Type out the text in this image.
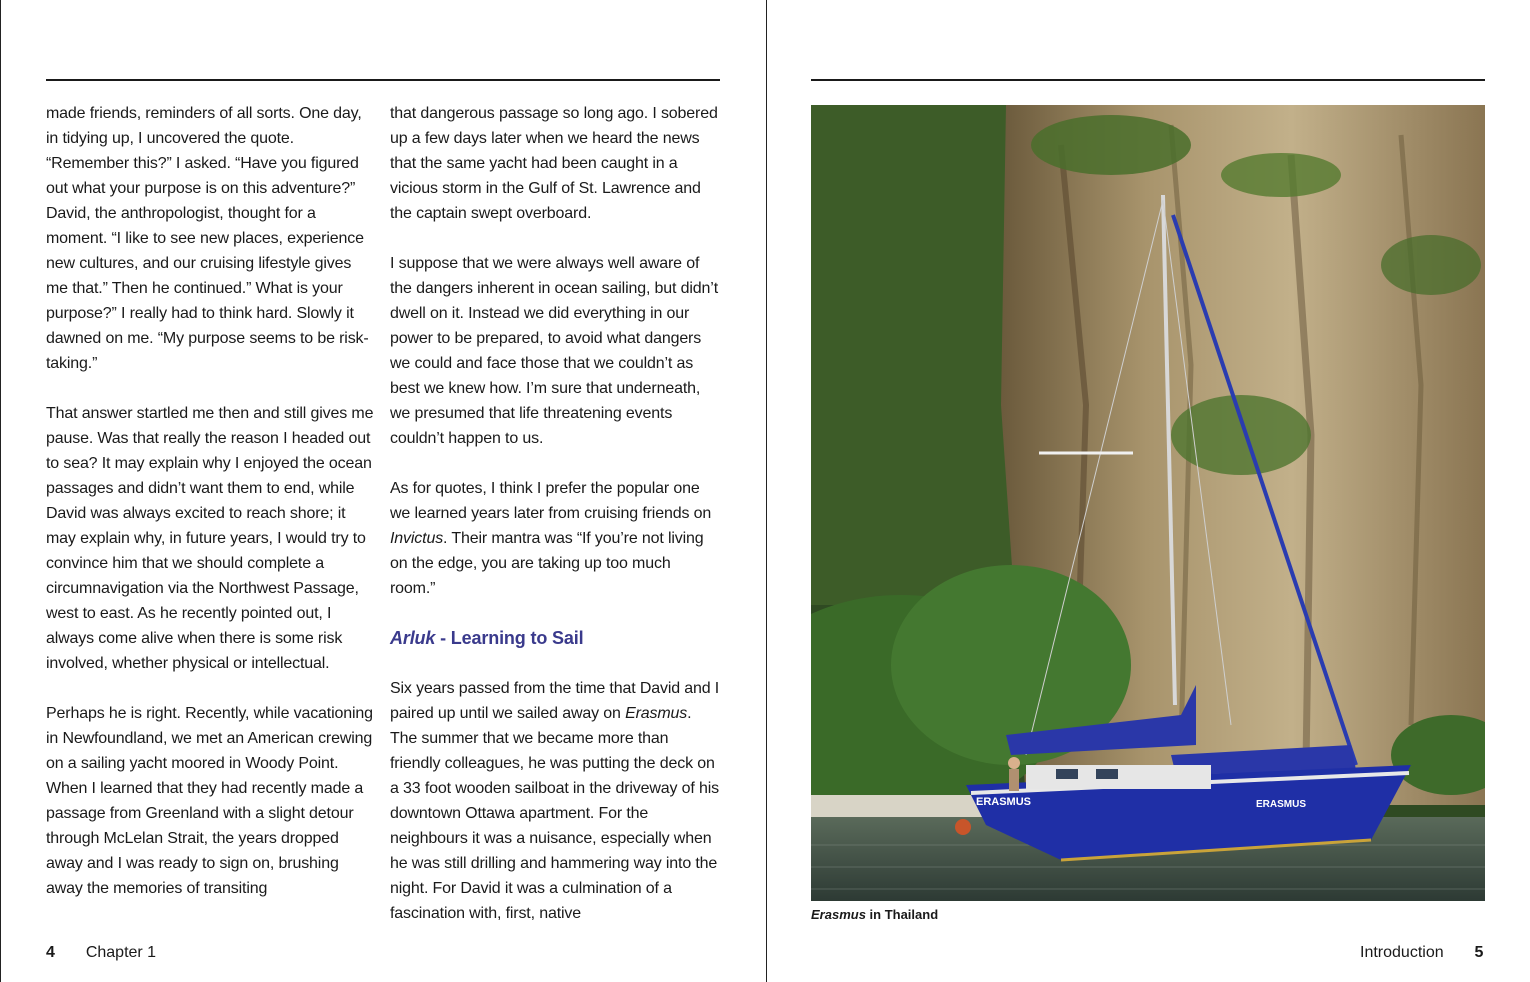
made friends, reminders of all sorts. One day, in tidying up, I uncovered the quote. “Remember this?” I asked. “Have you figured out what your purpose is on this adventure?” David, the anthropologist, thought for a moment. “I like to see new places, experience new cultures, and our cruising lifestyle gives me that.” Then he continued.” What is your purpose?” I really had to think hard. Slowly it dawned on me. “My purpose seems to be risk-taking.”

That answer startled me then and still gives me pause. Was that really the reason I headed out to sea? It may explain why I enjoyed the ocean passages and didn’t want them to end, while David was always excited to reach shore; it may explain why, in future years, I would try to convince him that we should complete a circumnavigation via the Northwest Passage, west to east. As he recently pointed out, I always come alive when there is some risk involved, whether physical or intellectual.

Perhaps he is right. Recently, while vacationing in Newfoundland, we met an American crewing on a sailing yacht moored in Woody Point. When I learned that they had recently made a passage from Greenland with a slight detour through McLelan Strait, the years dropped away and I was ready to sign on, brushing away the memories of transiting

that dangerous passage so long ago. I sobered up a few days later when we heard the news that the same yacht had been caught in a vicious storm in the Gulf of St. Lawrence and the captain swept overboard.

I suppose that we were always well aware of the dangers inherent in ocean sailing, but didn’t dwell on it. Instead we did everything in our power to be prepared, to avoid what dangers we could and face those that we couldn’t as best we knew how. I’m sure that underneath, we presumed that life threatening events couldn’t happen to us.

As for quotes, I think I prefer the popular one we learned years later from cruising friends on Invictus. Their mantra was “If you’re not living on the edge, you are taking up too much room.”

Arluk - Learning to Sail

Six years passed from the time that David and I paired up until we sailed away on Erasmus. The summer that we became more than friendly colleagues, he was putting the deck on a 33 foot wooden sailboat in the driveway of his downtown Ottawa apartment. For the neighbours it was a nuisance, especially when he was still drilling and hammering way into the night. For David it was a culmination of a fascination with, first, native

4 Chapter 1
ERASMUS	ERASMUS
Erasmus in Thailand
Introduction 5
